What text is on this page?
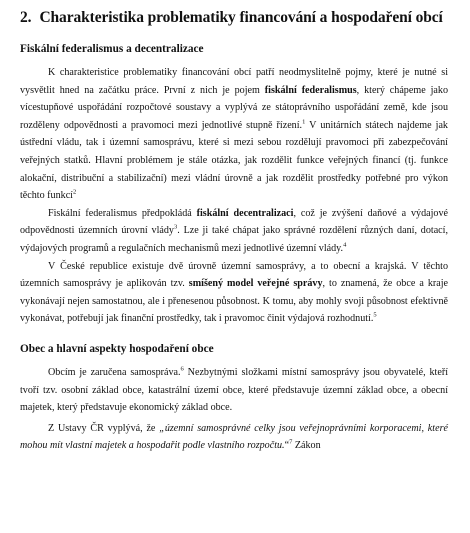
2. Charakteristika problematiky financování a hospodaření obcí
Fiskální federalismus a decentralizace

K charakteristice problematiky financování obcí patří neodmyslitelně pojmy, které je nutné si vysvětlit hned na začátku práce. První z nich je pojem fiskální federalismus, který chápeme jako vícestupňové uspořádání rozpočtové soustavy a vyplývá ze státoprávního uspořádání země, kde jsou rozděleny odpovědnosti a pravomoci mezi jednotlivé stupně řízení.$^1$ V unitárních státech najdeme jak ústřední vládu, tak i územní samosprávu, které si mezi sebou rozdělují pravomoci při zabezpečování veřejných statků. Hlavní problémem je stále otázka, jak rozdělit funkce veřejných financí (tj. funkce alokační, distribuční a stabilizační) mezi vládní úrovně a jak rozdělit prostředky potřebné pro výkon těchto funkcí$^2$

Fiskální federalismus předpokládá fiskální decentralizaci, což je zvýšení daňové a výdajové odpovědnosti územních úrovní vlády$^3$. Lze ji také chápat jako správné rozdělení různých daní, dotací, výdajových programů a regulačních mechanismů mezi jednotlivé územní vlády.$^4$

V České republice existuje dvě úrovně územní samosprávy, a to obecní a krajská. V těchto územních samosprávy je aplikován tzv. smíšený model veřejné správy, to znamená, že obce a kraje vykonávají nejen samostatnou, ale i přenesenou působnost. K tomu, aby mohly svoji působnost efektivně vykonávat, potřebují jak finanční prostředky, tak i pravomoc činit výdajová rozhodnutí.$^5$

Obec a hlavní aspekty hospodaření obce

Obcím je zaručena samospráva.$^6$ Nezbytnými složkami místní samosprávy jsou obyvatelé, kteří tvoří tzv. osobní základ obce, katastrální území obce, které představuje územní základ obce, a obecní majetek, který představuje ekonomický základ obce.

Z Ustavy ČR vyplývá, že „územní samosprávné celky jsou veřejnoprávními korporacemi, které mohou mít vlastní majetek a hospodařit podle vlastního rozpočtu.“$^7$ Zákon
